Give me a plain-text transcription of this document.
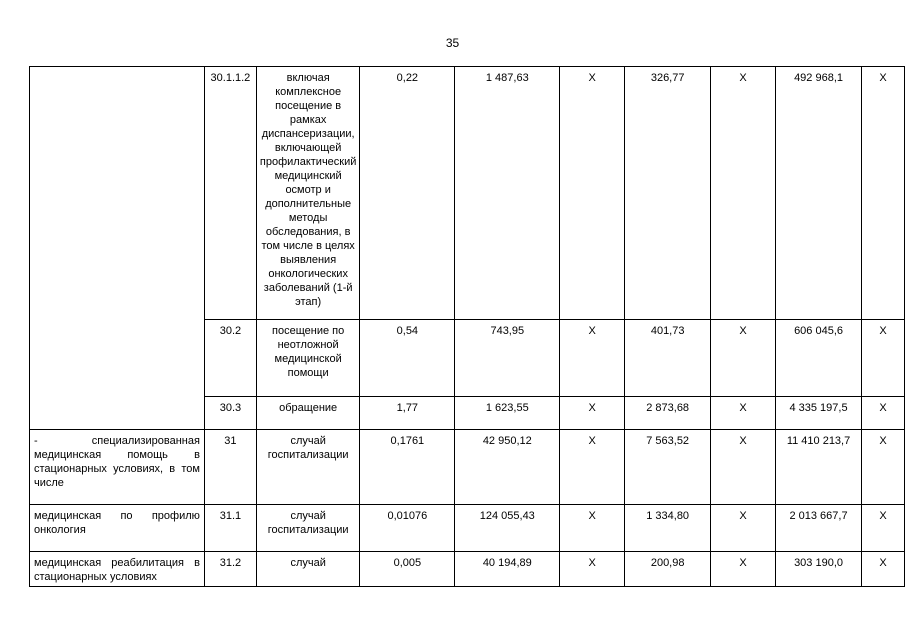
35
	30.1.1.2	включая комплексное посещение в рамках диспансеризации, включающей профилактический медицинский осмотр и дополнительные методы обследования, в том числе в целях выявления онкологических заболеваний (1-й этап)	0,22	1 487,63	Х	326,77	Х	492 968,1	Х
	30.2	посещение по неотложной медицинской помощи	0,54	743,95	Х	401,73	Х	606 045,6	Х
	30.3	обращение	1,77	1 623,55	Х	2 873,68	Х	4 335 197,5	Х
- специализированная медицинская помощь в стационарных условиях, в том числе	31	случай госпитализации	0,1761	42 950,12	Х	7 563,52	Х	11 410 213,7	Х
медицинская по профилю онкология	31.1	случай госпитализации	0,01076	124 055,43	Х	1 334,80	Х	2 013 667,7	Х
медицинская реабилитация в стационарных условиях	31.2	случай	0,005	40 194,89	Х	200,98	Х	303 190,0	Х
